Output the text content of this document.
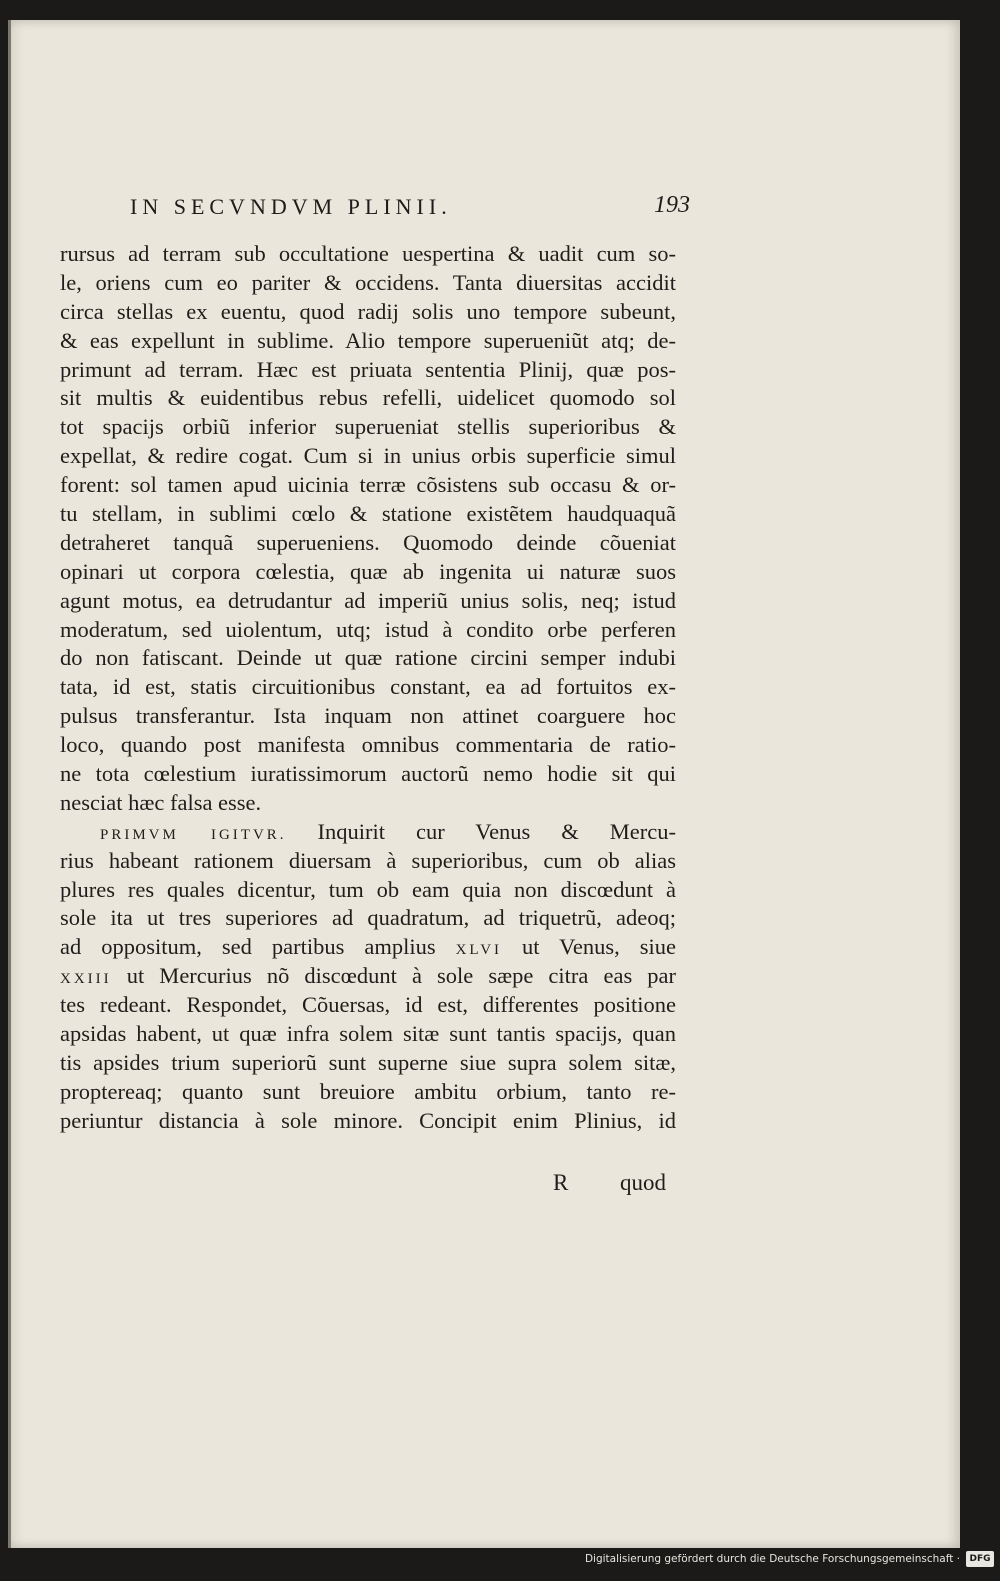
IN SECVNDVM PLINII.	193
rursus ad terram sub occultatione uespertina & uadit cum so-
le, oriens cum eo pariter & occidens. Tanta diuersitas accidit
circa stellas ex euentu, quod radij solis uno tempore subeunt,
& eas expellunt in sublime. Alio tempore superueniũt atq; de-
primunt ad terram. Hæc est priuata sententia Plinij, quæ pos-
sit multis & euidentibus rebus refelli, uidelicet quomodo sol
tot spacijs orbiũ inferior superueniat stellis superioribus &
expellat, & redire cogat. Cum si in unius orbis superficie simul
forent: sol tamen apud uicinia terræ cõsistens sub occasu & or-
tu stellam, in sublimi cœlo & statione existẽtem haudquaquã
detraheret tanquã superueniens. Quomodo deinde cõueniat
opinari ut corpora cœlestia, quæ ab ingenita ui naturæ suos
agunt motus, ea detrudantur ad imperiũ unius solis, neq; istud
moderatum, sed uiolentum, utq; istud à condito orbe perferen
do non fatiscant. Deinde ut quæ ratione circini semper indubi
tata, id est, statis circuitionibus constant, ea ad fortuitos ex-
pulsus transferantur. Ista inquam non attinet coarguere hoc
loco, quando post manifesta omnibus commentaria de ratio-
ne tota cœlestium iuratissimorum auctorũ nemo hodie sit qui
nesciat hæc falsa esse.
PRIMVM IGITVR. Inquirit cur Venus & Mercu-
rius habeant rationem diuersam à superioribus, cum ob alias
plures res quales dicentur, tum ob eam quia non discœdunt à
sole ita ut tres superiores ad quadratum, ad triquetrũ, adeoq;
ad oppositum, sed partibus amplius XLVI ut Venus, siue
XXIII ut Mercurius nõ discœdunt à sole sæpe citra eas par
tes redeant. Respondet, Cõuersas, id est, differentes positione
apsidas habent, ut quæ infra solem sitæ sunt tantis spacijs, quan
tis apsides trium superiorũ sunt superne siue supra solem sitæ,
proptereaq; quanto sunt breuiore ambitu orbium, tanto re-
periuntur distancia à sole minore. Concipit enim Plinius, id
R quod
Digitalisierung gefördert durch die Deutsche Forschungsgemeinschaft ·	DFG
